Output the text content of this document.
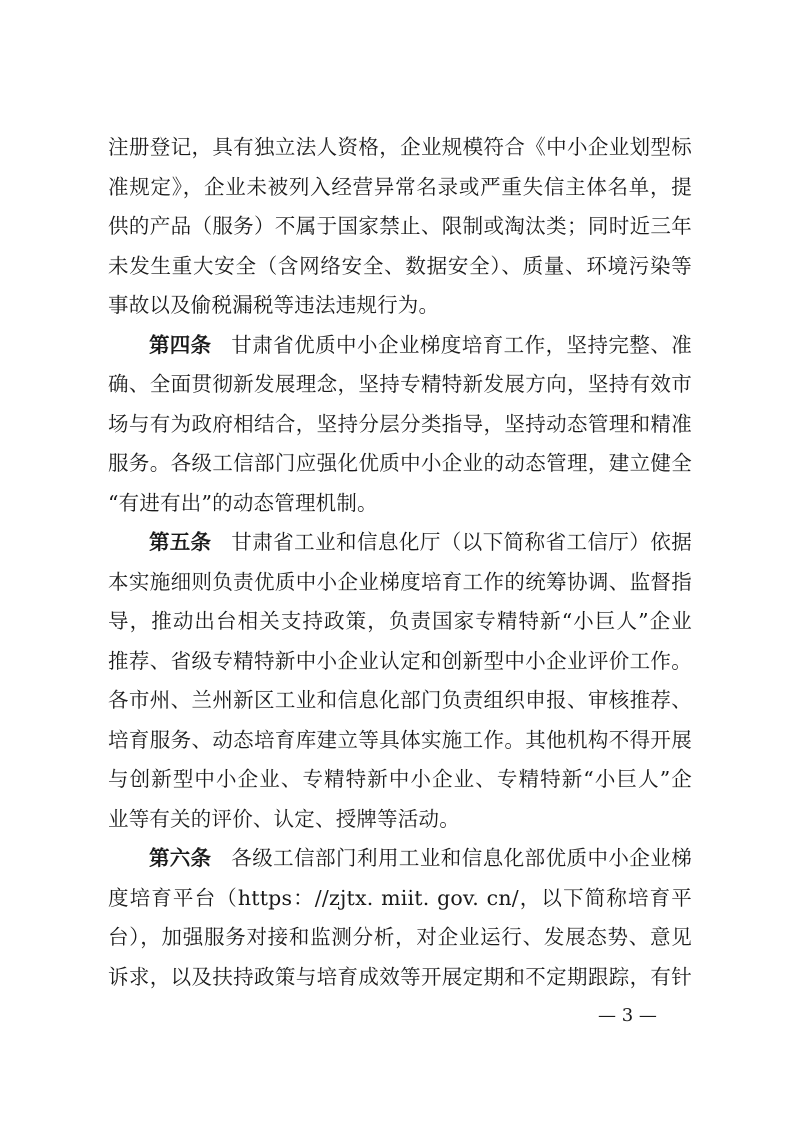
注册登记，具有独立法人资格，企业规模符合《中小企业划型标
准规定》，企业未被列入经营异常名录或严重失信主体名单，提
供的产品（服务）不属于国家禁止、限制或淘汰类；同时近三年
未发生重大安全（含网络安全、数据安全）、质量、环境污染等
事故以及偷税漏税等违法违规行为。
第四条 甘肃省优质中小企业梯度培育工作，坚持完整、准
确、全面贯彻新发展理念，坚持专精特新发展方向，坚持有效市
场与有为政府相结合，坚持分层分类指导，坚持动态管理和精准
服务。各级工信部门应强化优质中小企业的动态管理，建立健全
“有进有出”的动态管理机制。
第五条 甘肃省工业和信息化厅（以下简称省工信厅）依据
本实施细则负责优质中小企业梯度培育工作的统筹协调、监督指
导，推动出台相关支持政策，负责国家专精特新“小巨人”企业
推荐、省级专精特新中小企业认定和创新型中小企业评价工作。
各市州、兰州新区工业和信息化部门负责组织申报、审核推荐、
培育服务、动态培育库建立等具体实施工作。其他机构不得开展
与创新型中小企业、专精特新中小企业、专精特新“小巨人”企
业等有关的评价、认定、授牌等活动。
第六条 各级工信部门利用工业和信息化部优质中小企业梯
度培育平台（https：//zjtx. miit. gov. cn/，以下简称培育平
台），加强服务对接和监测分析，对企业运行、发展态势、意见
诉求，以及扶持政策与培育成效等开展定期和不定期跟踪，有针
— 3 —
